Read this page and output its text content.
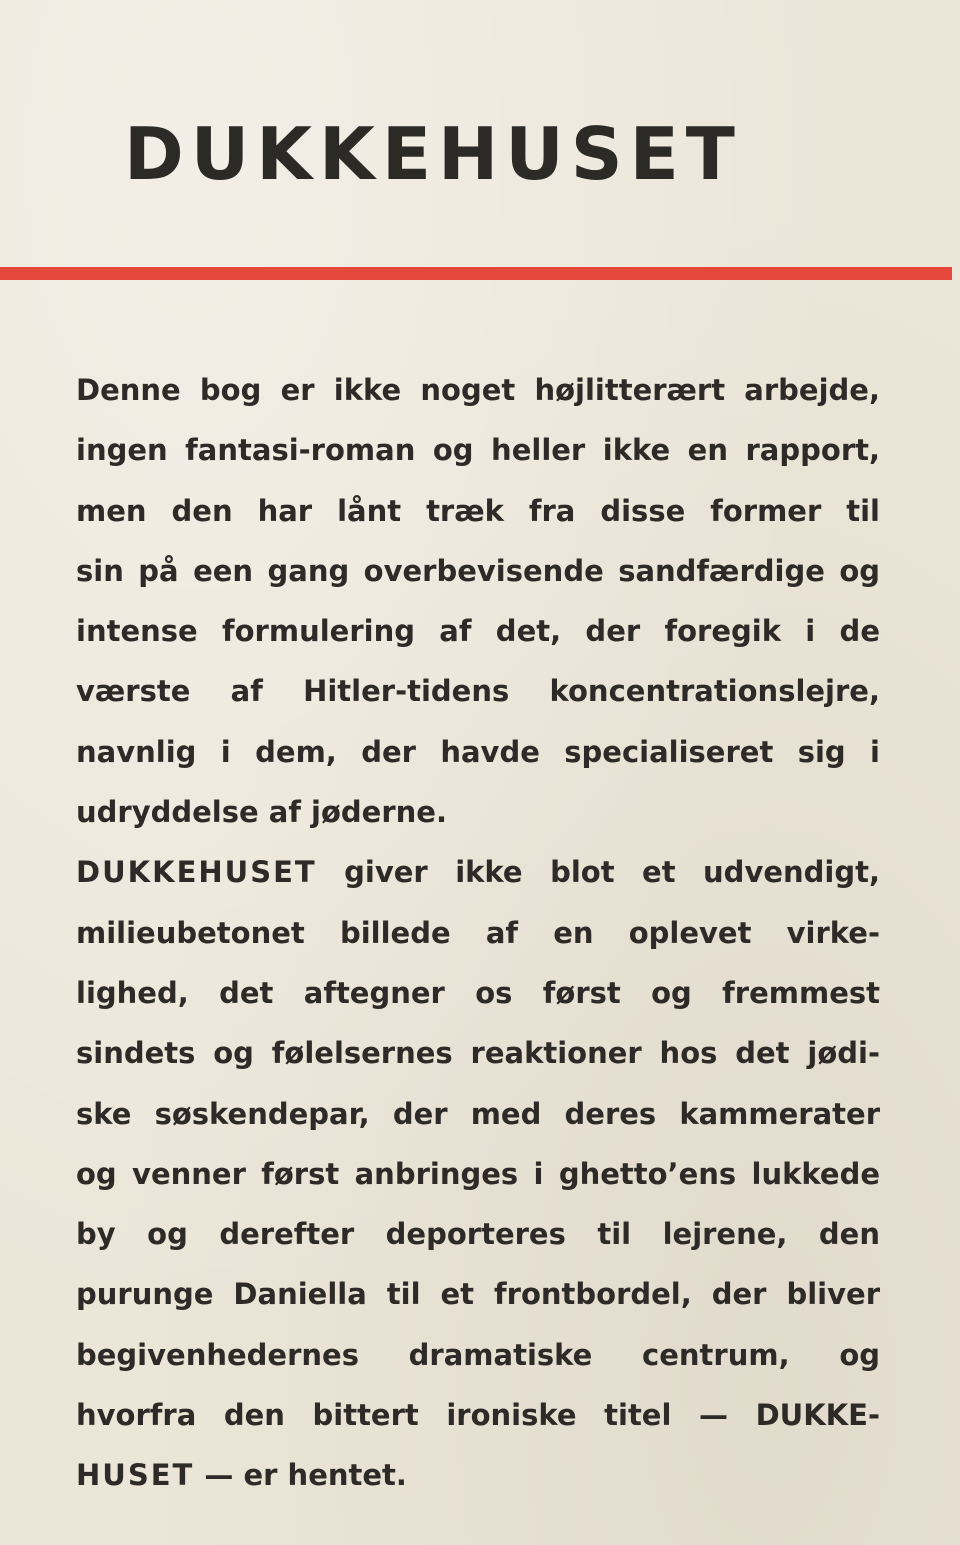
DUKKEHUSET
Denne bog er ikke noget højlitterært arbejde,
ingen fantasi-roman og heller ikke en rapport,
men den har lånt træk fra disse former til
sin på een gang overbevisende sandfærdige og
intense formulering af det, der foregik i de
værste af Hitler-tidens koncentrationslejre,
navnlig i dem, der havde specialiseret sig i
udryddelse af jøderne.
DUKKEHUSET giver ikke blot et udvendigt,
milieubetonet billede af en oplevet virke-
lighed, det aftegner os først og fremmest
sindets og følelsernes reaktioner hos det jødi-
ske søskendepar, der med deres kammerater
og venner først anbringes i ghetto’ens lukkede
by og derefter deporteres til lejrene, den
purunge Daniella til et frontbordel, der bliver
begivenhedernes dramatiske centrum, og
hvorfra den bittert ironiske titel — DUKKE-
HUSET — er hentet.
